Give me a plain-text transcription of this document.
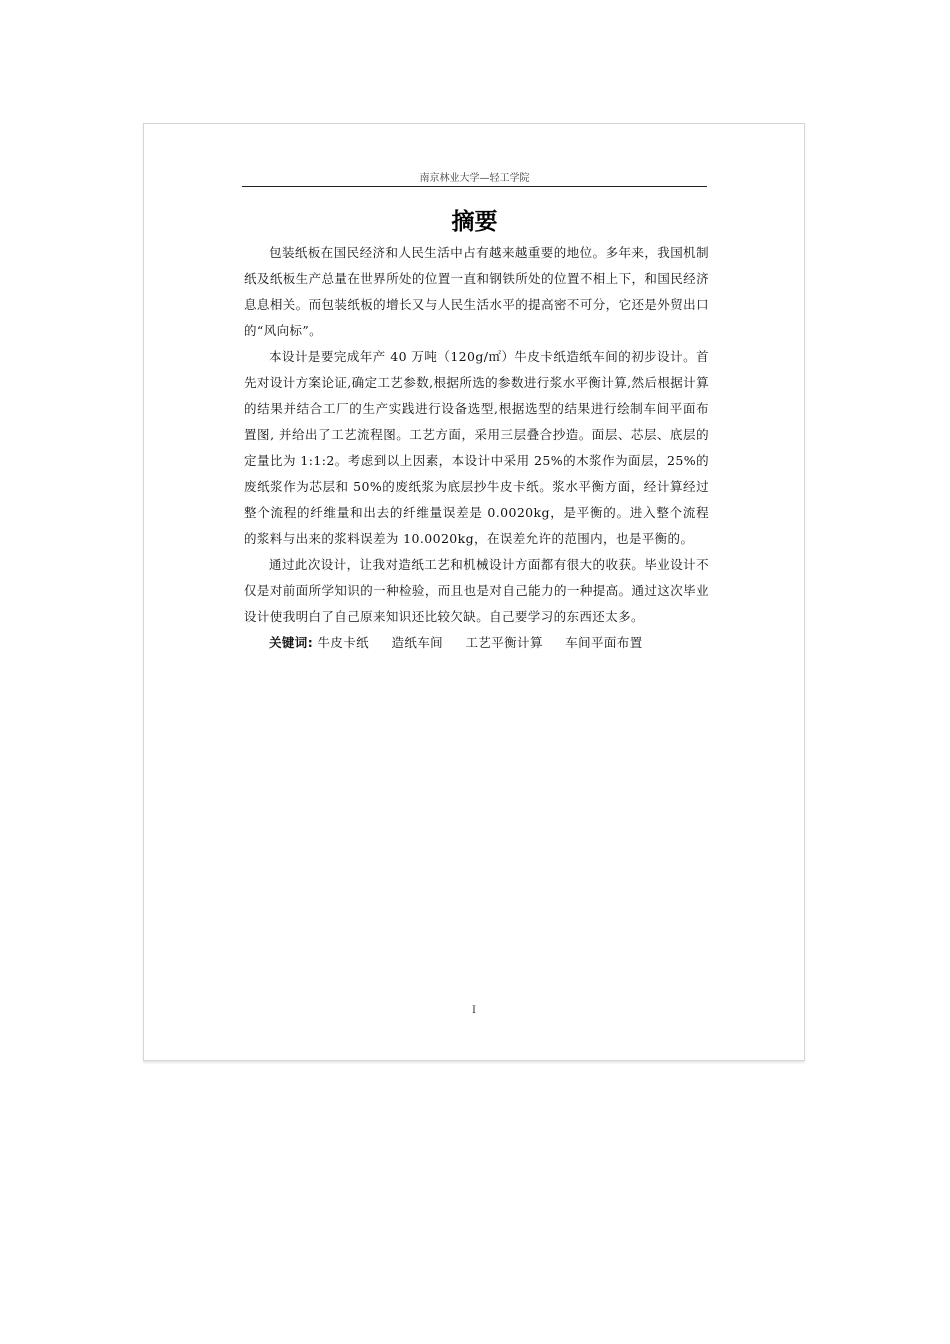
南京林业大学—轻工学院
摘要

包装纸板在国民经济和人民生活中占有越来越重要的地位。多年来，我国机制纸及纸板生产总量在世界所处的位置一直和钢铁所处的位置不相上下，和国民经济息息相关。而包装纸板的增长又与人民生活水平的提高密不可分，它还是外贸出口的“风向标”。

本设计是要完成年产 40 万吨（120g/㎡）牛皮卡纸造纸车间的初步设计。首先对设计方案论证,确定工艺参数,根据所选的参数进行浆水平衡计算,然后根据计算的结果并结合工厂的生产实践进行设备选型,根据选型的结果进行绘制车间平面布置图, 并给出了工艺流程图。工艺方面，采用三层叠合抄造。面层、芯层、底层的定量比为 1:1:2。考虑到以上因素，本设计中采用 25%的木浆作为面层，25%的废纸浆作为芯层和 50%的废纸浆为底层抄牛皮卡纸。浆水平衡方面，经计算经过整个流程的纤维量和出去的纤维量误差是 0.0020kg，是平衡的。进入整个流程的浆料与出来的浆料误差为 10.0020kg，在误差允许的范围内，也是平衡的。

通过此次设计，让我对造纸工艺和机械设计方面都有很大的收获。毕业设计不仅是对前面所学知识的一种检验，而且也是对自己能力的一种提高。通过这次毕业设计使我明白了自己原来知识还比较欠缺。自己要学习的东西还太多。

关键词: 牛皮卡纸 造纸车间 工艺平衡计算 车间平面布置

I
